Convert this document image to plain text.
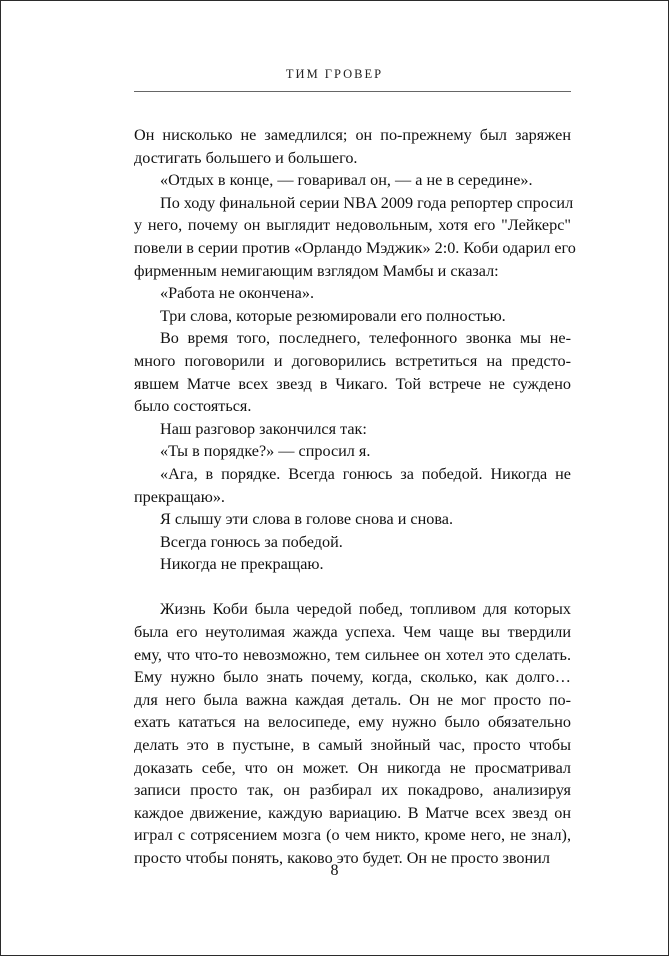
ТИМ ГРОВЕР
Он нисколько не замедлился; он по-прежнему был заряжен
достигать большего и большего.
«Отдых в конце, — говаривал он, — а не в середине».
По ходу финальной серии NBA 2009 года репортер спросил
у него, почему он выглядит недовольным, хотя его "Лейкерс"
повели в серии против «Орландо Мэджик» 2:0. Коби одарил его
фирменным немигающим взглядом Мамбы и сказал:
«Работа не окончена».
Три слова, которые резюмировали его полностью.
Во время того, последнего, телефонного звонка мы не-
много поговорили и договорились встретиться на предсто-
явшем Матче всех звезд в Чикаго. Той встрече не суждено
было состояться.
Наш разговор закончился так:
«Ты в порядке?» — спросил я.
«Ага, в порядке. Всегда гонюсь за победой. Никогда не
прекращаю».
Я слышу эти слова в голове снова и снова.
Всегда гонюсь за победой.
Никогда не прекращаю.
Жизнь Коби была чередой побед, топливом для которых
была его неутолимая жажда успеха. Чем чаще вы твердили
ему, что что-то невозможно, тем сильнее он хотел это сделать.
Ему нужно было знать почему, когда, сколько, как долго…
для него была важна каждая деталь. Он не мог просто по-
ехать кататься на велосипеде, ему нужно было обязательно
делать это в пустыне, в самый знойный час, просто чтобы
доказать себе, что он может. Он никогда не просматривал
записи просто так, он разбирал их покадрово, анализируя
каждое движение, каждую вариацию. В Матче всех звезд он
играл с сотрясением мозга (о чем никто, кроме него, не знал),
просто чтобы понять, каково это будет. Он не просто звонил
8
